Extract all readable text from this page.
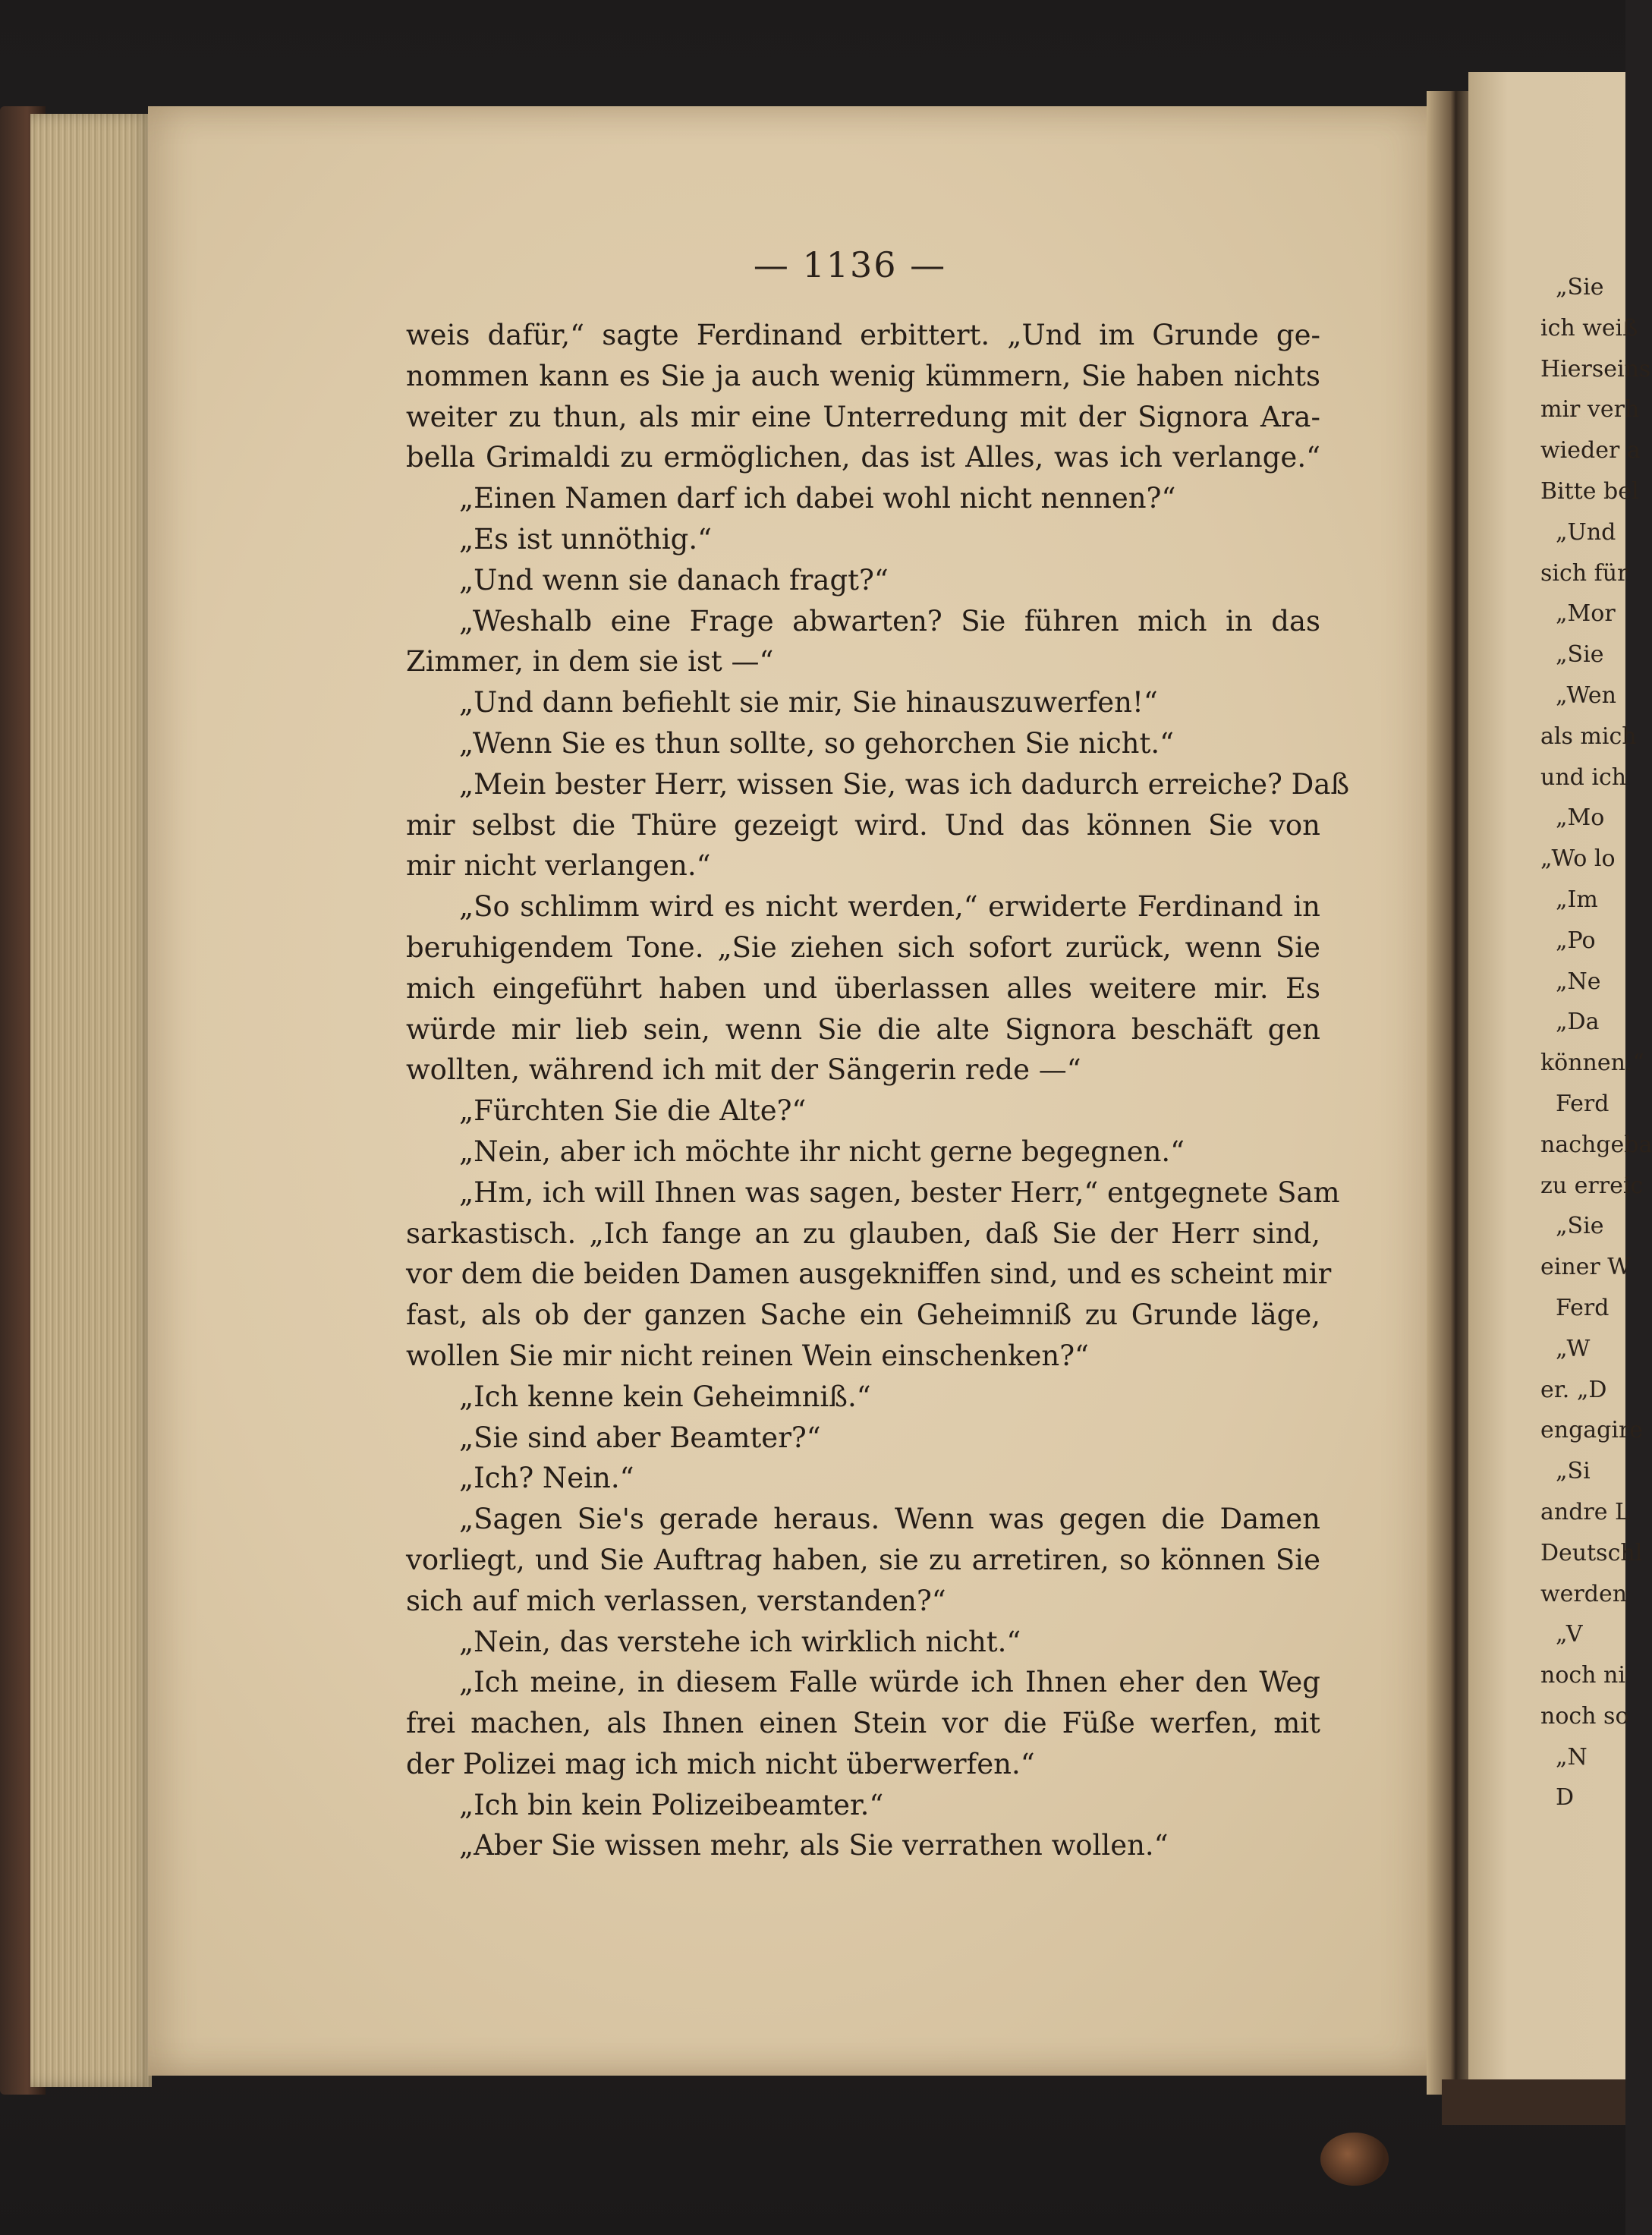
— 1136 —
weis dafür,“ sagte Ferdinand erbittert. „Und im Grunde ge-
nommen kann es Sie ja auch wenig kümmern, Sie haben nichts
weiter zu thun, als mir eine Unterredung mit der Signora Ara-
bella Grimaldi zu ermöglichen, das ist Alles, was ich verlange.“
„Einen Namen darf ich dabei wohl nicht nennen?“
„Es ist unnöthig.“
„Und wenn sie danach fragt?“
„Weshalb eine Frage abwarten? Sie führen mich in das
Zimmer, in dem sie ist —“
„Und dann befiehlt sie mir, Sie hinauszuwerfen!“
„Wenn Sie es thun sollte, so gehorchen Sie nicht.“
„Mein bester Herr, wissen Sie, was ich dadurch erreiche? Daß
mir selbst die Thüre gezeigt wird. Und das können Sie von
mir nicht verlangen.“
„So schlimm wird es nicht werden,“ erwiderte Ferdinand in
beruhigendem Tone. „Sie ziehen sich sofort zurück, wenn Sie
mich eingeführt haben und überlassen alles weitere mir. Es
würde mir lieb sein, wenn Sie die alte Signora beschäft gen
wollten, während ich mit der Sängerin rede —“
„Fürchten Sie die Alte?“
„Nein, aber ich möchte ihr nicht gerne begegnen.“
„Hm, ich will Ihnen was sagen, bester Herr,“ entgegnete Sam
sarkastisch. „Ich fange an zu glauben, daß Sie der Herr sind,
vor dem die beiden Damen ausgekniffen sind, und es scheint mir
fast, als ob der ganzen Sache ein Geheimniß zu Grunde läge,
wollen Sie mir nicht reinen Wein einschenken?“
„Ich kenne kein Geheimniß.“
„Sie sind aber Beamter?“
„Ich? Nein.“
„Sagen Sie's gerade heraus. Wenn was gegen die Damen
vorliegt, und Sie Auftrag haben, sie zu arretiren, so können Sie
sich auf mich verlassen, verstanden?“
„Nein, das verstehe ich wirklich nicht.“
„Ich meine, in diesem Falle würde ich Ihnen eher den Weg
frei machen, als Ihnen einen Stein vor die Füße werfen, mit
der Polizei mag ich mich nicht überwerfen.“
„Ich bin kein Polizeibeamter.“
„Aber Sie wissen mehr, als Sie verrathen wollen.“
„Sie
ich weiß
Hierseins
mir verh
wieder a
Bitte bel
„Und
sich für
„Mor
„Sie
„Wen
als mich
und ich
„Mo
„Wo lo
„Im
„Po
„Ne
„Da
können.“
Ferd
nachgeba
zu erreic
„Sie
einer W
Ferd
„W
er. „D
engagire
„Si
andre L
Deutschl
werden
„V
noch ni
noch so
„N
D
